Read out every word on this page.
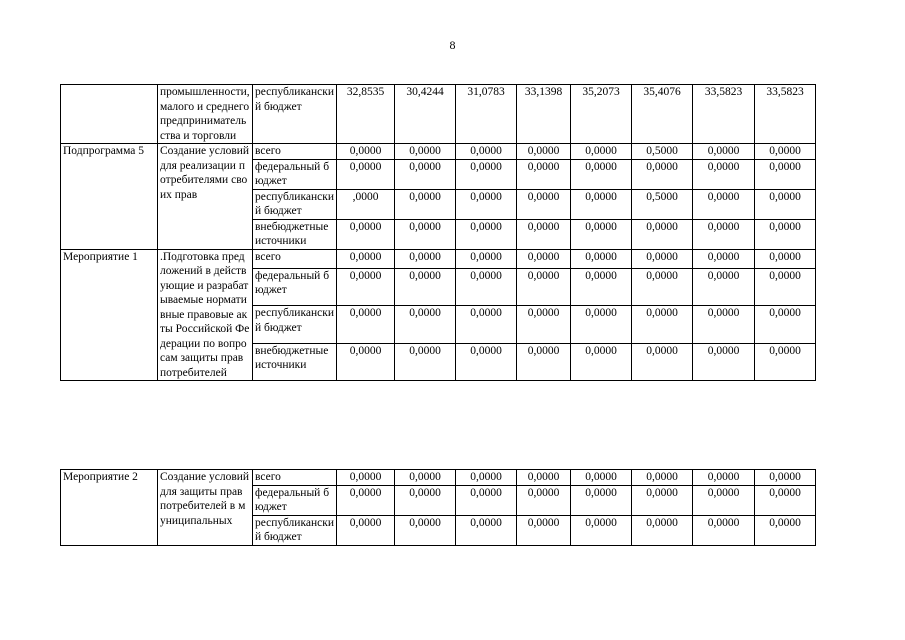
8
	промышленности, малого и среднего предпринимательства и торговли	республиканский бюджет	32,8535	30,4244	31,0783	33,1398	35,2073	35,4076	33,5823	33,5823
Подпрограмма 5	Создание условий для реализации потребителями своих прав	всего	0,0000	0,0000	0,0000	0,0000	0,0000	0,5000	0,0000	0,0000
		федеральный бюджет	0,0000	0,0000	0,0000	0,0000	0,0000	0,0000	0,0000	0,0000
		республиканский бюджет	,0000	0,0000	0,0000	0,0000	0,0000	0,5000	0,0000	0,0000
		внебюджетные источники	0,0000	0,0000	0,0000	0,0000	0,0000	0,0000	0,0000	0,0000
Мероприятие 1	.Подготовка предложений в действующие и разрабатываемые нормативные правовые акты Российской Федерации по вопросам защиты прав потребителей	всего	0,0000	0,0000	0,0000	0,0000	0,0000	0,0000	0,0000	0,0000
		федеральный бюджет	0,0000	0,0000	0,0000	0,0000	0,0000	0,0000	0,0000	0,0000
		республиканский бюджет	0,0000	0,0000	0,0000	0,0000	0,0000	0,0000	0,0000	0,0000
		внебюджетные источники	0,0000	0,0000	0,0000	0,0000	0,0000	0,0000	0,0000	0,0000
Мероприятие 2	Создание условий для защиты прав потребителей в муниципальных	всего	0,0000	0,0000	0,0000	0,0000	0,0000	0,0000	0,0000	0,0000
		федеральный бюджет	0,0000	0,0000	0,0000	0,0000	0,0000	0,0000	0,0000	0,0000
		республиканский бюджет	0,0000	0,0000	0,0000	0,0000	0,0000	0,0000	0,0000	0,0000
